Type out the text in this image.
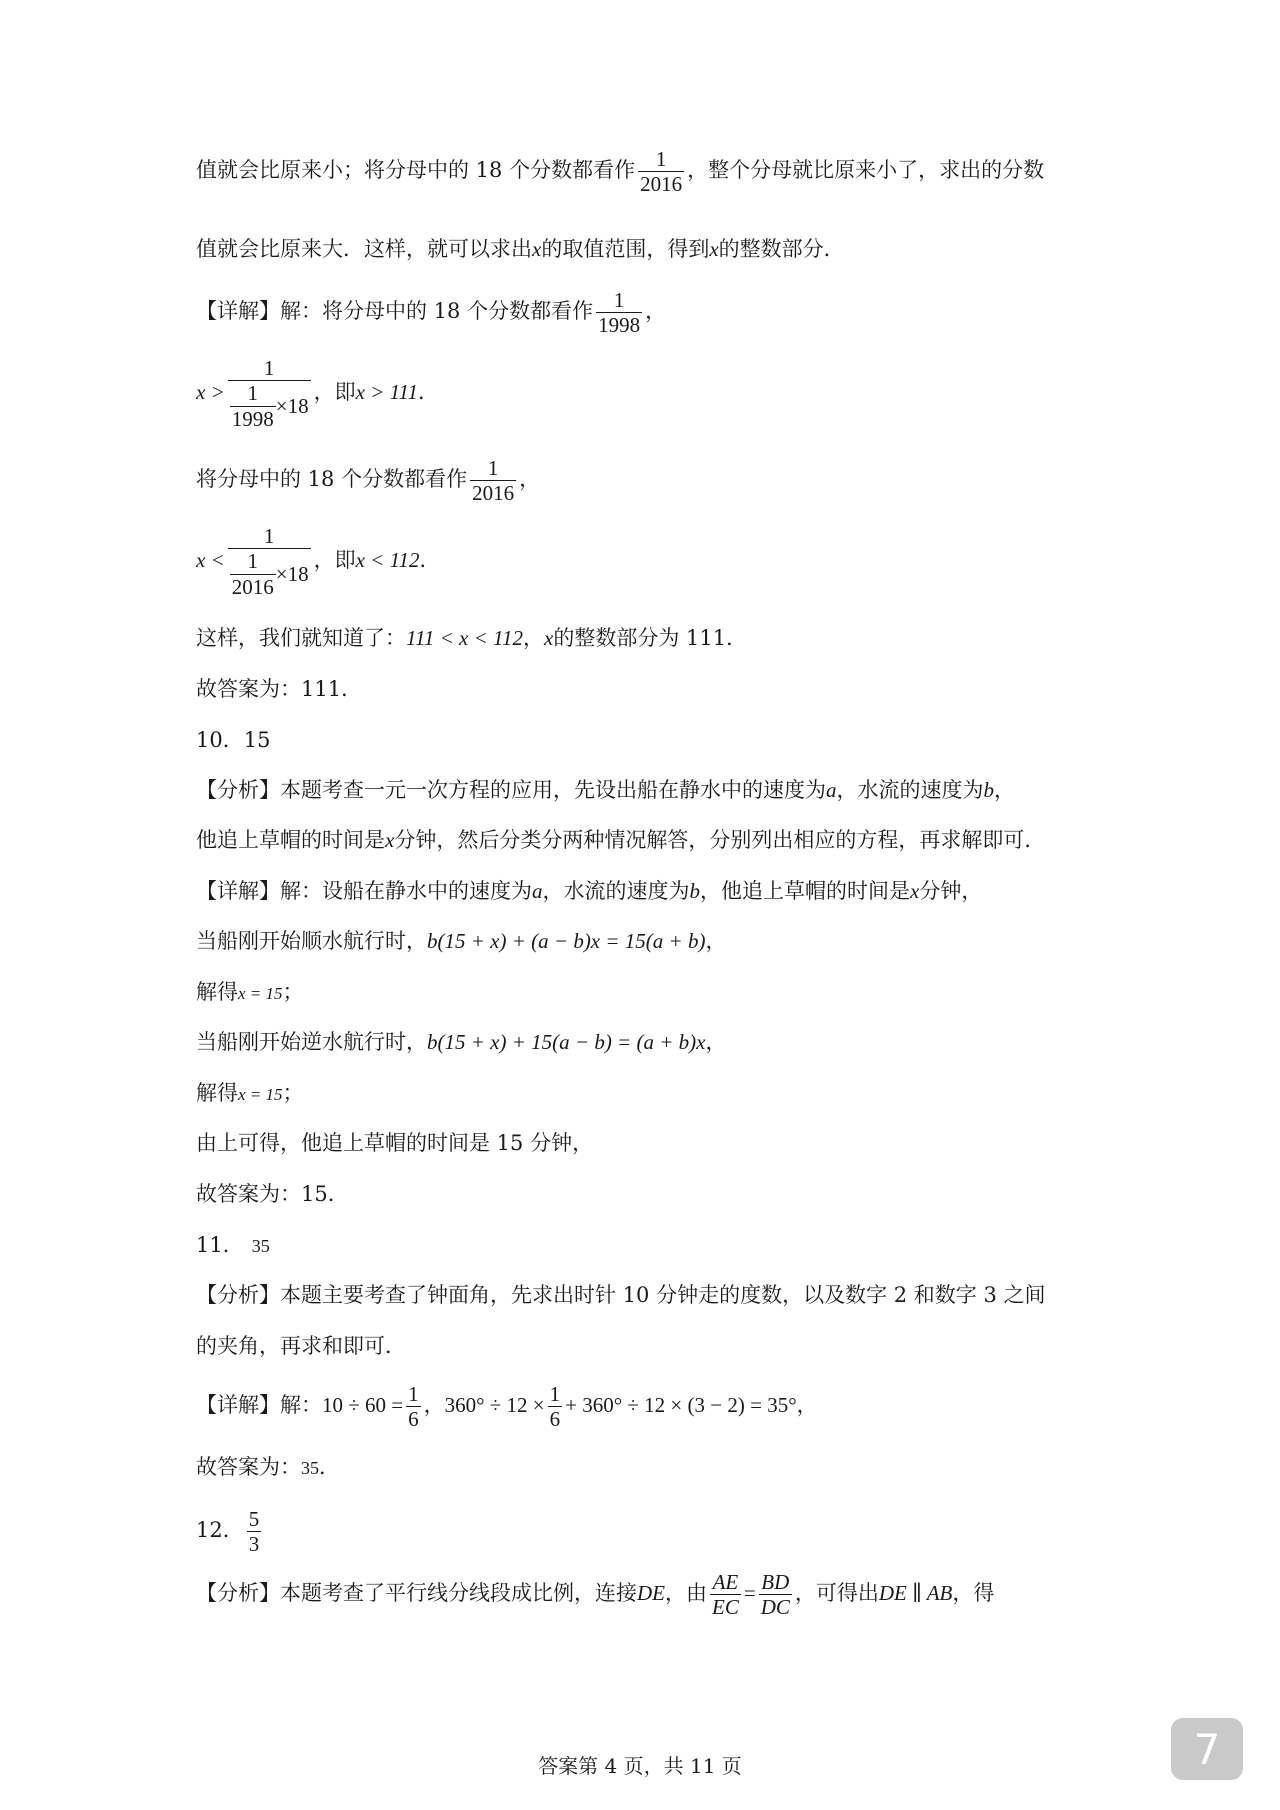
值就会比原来小；将分母中的 18 个分数都看作 $\frac{1}{2016}$ ，整个分母就比原来小了，求出的分数
值就会比原来大．这样，就可以求出x的取值范围，得到x的整数部分．
【详解】解：将分母中的 18 个分数都看作 $\frac{1}{1998}$ ，
$x > \frac{1}{\frac{1}{1998} \times 18}$ ，即x > 111．
将分母中的 18 个分数都看作 $\frac{1}{2016}$ ，
$x < \frac{1}{\frac{1}{2016} \times 18}$ ，即x < 112．
这样，我们就知道了：111 < x < 112，x的整数部分为 111．
故答案为：111．
10．15
【分析】本题考查一元一次方程的应用，先设出船在静水中的速度为a，水流的速度为b，
他追上草帽的时间是x分钟，然后分类分两种情况解答，分别列出相应的方程，再求解即可．
【详解】解：设船在静水中的速度为a，水流的速度为b，他追上草帽的时间是x分钟，
当船刚开始顺水航行时，b(15 + x) + (a − b)x = 15(a + b)，
解得x = 15；
当船刚开始逆水航行时，b(15 + x) + 15(a − b) = (a + b)x，
解得x = 15；
由上可得，他追上草帽的时间是 15 分钟，
故答案为：15．
11． 35
【分析】本题主要考查了钟面角，先求出时针 10 分钟走的度数，以及数字 2 和数字 3 之间
的夹角，再求和即可．
【详解】解：$10 \div 60 = \frac{1}{6}$ ，$360^\circ \div 12 \times \frac{1}{6} + 360^\circ \div 12 \times (3 - 2) = 35^\circ$，
故答案为：35．
12． $\frac{5}{3}$
【分析】本题考查了平行线分线段成比例，连接DE，由 $\frac{AE}{EC} = \frac{BD}{DC}$ ，可得出DE ∥ AB，得
答案第 4 页，共 11 页	7
